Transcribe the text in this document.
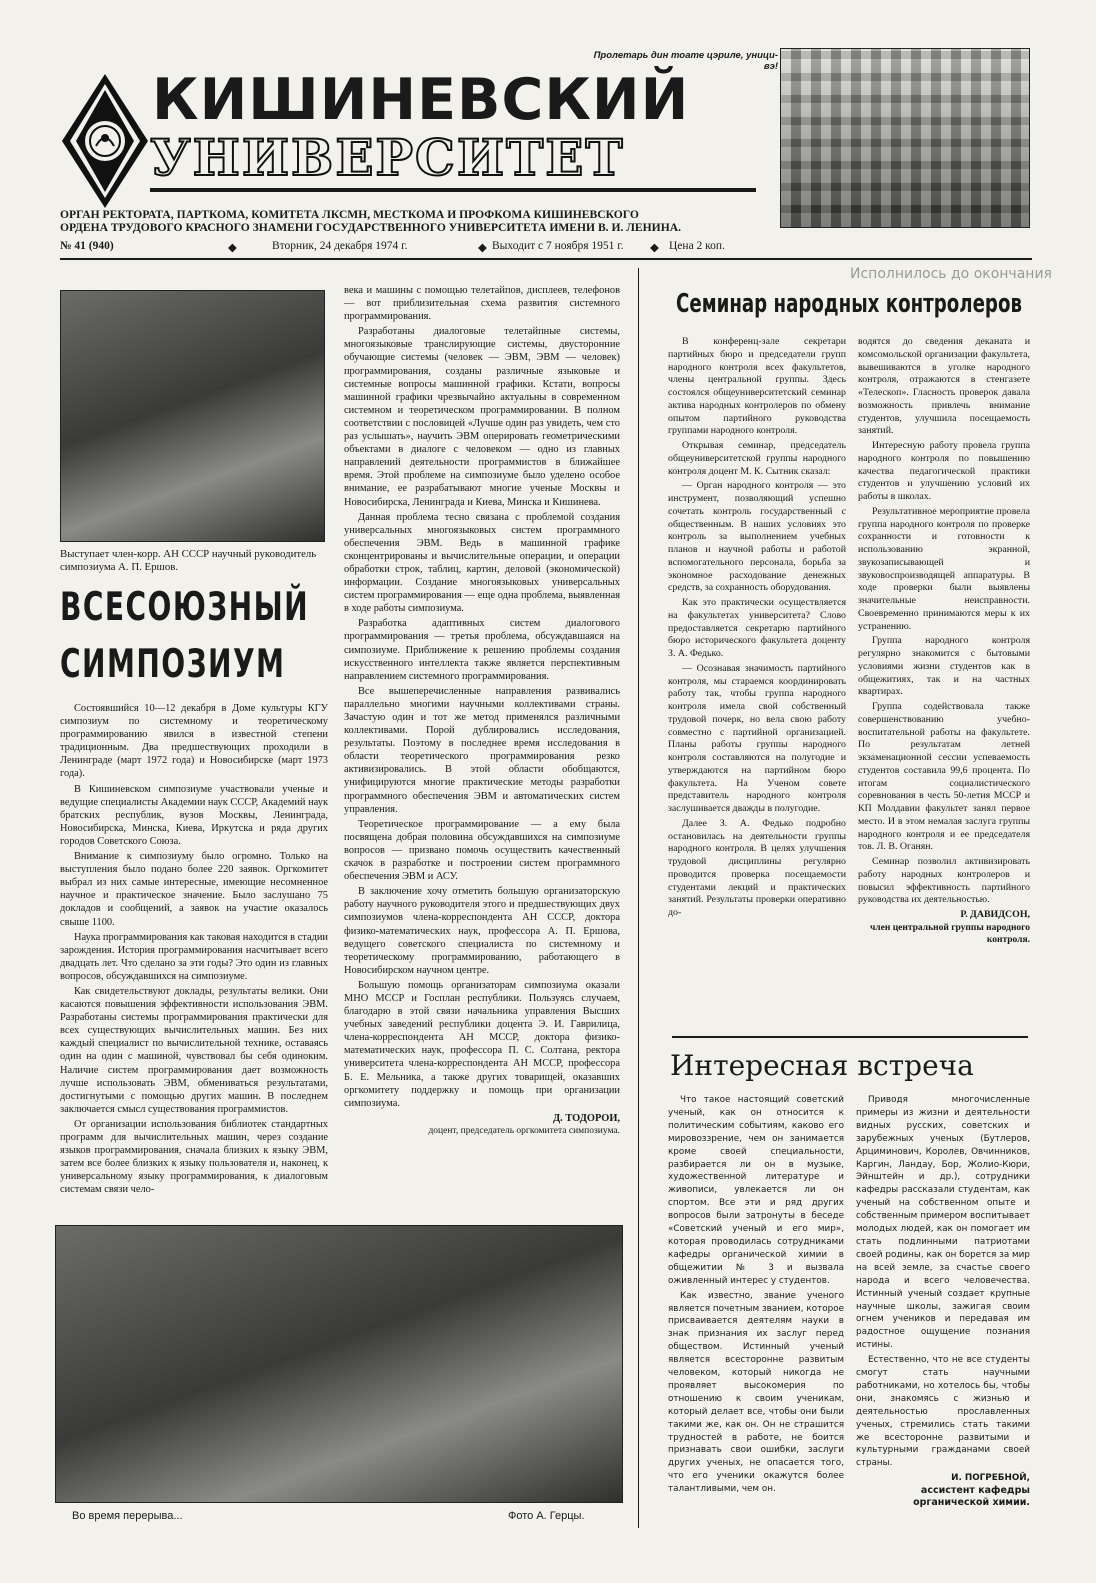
Пролетарь дин тоате цэриле, уници-вэ!
КИШИНЕВСКИЙ
УНИВЕРСИТЕТ
ОРГАН РЕКТОРАТА, ПАРТКОМА, КОМИТЕТА ЛКСМН, МЕСТКОМА И ПРОФКОМА КИШИНЕВСКОГО
ОРДЕНА ТРУДОВОГО КРАСНОГО ЗНАМЕНИ ГОСУДАРСТВЕННОГО УНИВЕРСИТЕТА ИМЕНИ В. И. ЛЕНИНА.
№ 41 (940)	◆	Вторник, 24 декабря 1974 г.	◆ Выходит с 7 ноября 1951 г. ◆ Цена 2 коп.
Выступает член-корр. АН СССР научный руководитель симпозиума А. П. Ершов.
ВСЕСОЮЗНЫЙ
СИМПОЗИУМ

Состоявшийся 10—12 декабря в Доме культуры КГУ симпозиум по системному и теоретическому программированию явился в известной степени традиционным. Два предшествующих проходили в Ленинграде (март 1972 года) и Новосибирске (март 1973 года).

В Кишиневском симпозиуме участвовали ученые и ведущие специалисты Академии наук СССР, Академий наук братских республик, вузов Москвы, Ленинграда, Новосибирска, Минска, Киева, Иркутска и ряда других городов Советского Союза.

Внимание к симпозиуму было огромно. Только на выступления было подано более 220 заявок. Оргкомитет выбрал из них самые интересные, имеющие несомненное научное и практическое значение. Было заслушано 75 докладов и сообщений, а заявок на участие оказалось свыше 1100.

Наука программирования как таковая находится в стадии зарождения. История программирования насчитывает всего двадцать лет. Что сделано за эти годы? Это один из главных вопросов, обсуждавшихся на симпозиуме.

Как свидетельствуют доклады, результаты велики. Они касаются повышения эффективности использования ЭВМ. Разработаны системы программирования практически для всех существующих вычислительных машин. Без них каждый специалист по вычислительной технике, оставаясь один на один с машиной, чувствовал бы себя одиноким. Наличие систем программирования дает возможность лучше использовать ЭВМ, обмениваться результатами, достигнутыми с помощью других машин. В последнем заключается смысл существования программистов.

От организации использования библиотек стандартных программ для вычислительных машин, через создание языков программирования, сначала близких к языку ЭВМ, затем все более близких к языку пользователя и, наконец, к универсальному языку программирования, к диалоговым системам связи чело-

века и машины с помощью телетайпов, дисплеев, телефонов — вот приблизительная схема развития системного программирования.

Разработаны диалоговые телетайпные системы, многоязыковые транслирующие системы, двусторонние обучающие системы (человек — ЭВМ, ЭВМ — человек) программирования, созданы различные языковые и системные вопросы машинной графики. Кстати, вопросы машинной графики чрезвычайно актуальны в современном системном и теоретическом программировании. В полном соответствии с пословицей «Лучше один раз увидеть, чем сто раз услышать», научить ЭВМ оперировать геометрическими объектами в диалоге с человеком — одно из главных направлений деятельности программистов в ближайшее время. Этой проблеме на симпозиуме было уделено особое внимание, ее разрабатывают многие ученые Москвы и Новосибирска, Ленинграда и Киева, Минска и Кишинева.

Данная проблема тесно связана с проблемой создания универсальных многоязыковых систем программного обеспечения ЭВМ. Ведь в машинной графике сконцентрированы и вычислительные операции, и операции обработки строк, таблиц, картин, деловой (экономической) информации. Создание многоязыковых универсальных систем программирования — еще одна проблема, выявленная в ходе работы симпозиума.

Разработка адаптивных систем диалогового программирования — третья проблема, обсуждавшаяся на симпозиуме. Приближение к решению проблемы создания искусственного интеллекта также является перспективным направлением системного программирования.

Все вышеперечисленные направления развивались параллельно многими научными коллективами страны. Зачастую один и тот же метод применялся различными коллективами. Порой дублировались исследования, результаты. Поэтому в последнее время исследования в области теоретического программирования резко активизировались. В этой области обобщаются, унифицируются многие практические методы разработки программного обеспечения ЭВМ и автоматических систем управления.

Теоретическое программирование — а ему была посвящена добрая половина обсуждавшихся на симпозиуме вопросов — призвано помочь осуществить качественный скачок в разработке и построении систем программного обеспечения ЭВМ и АСУ.

В заключение хочу отметить большую организаторскую работу научного руководителя этого и предшествующих двух симпозиумов члена-корреспондента АН СССР, доктора физико-математических наук, профессора А. П. Ершова, ведущего советского специалиста по системному и теоретическому программированию, работающего в Новосибирском научном центре.

Большую помощь организаторам симпозиума оказали МНО МССР и Госплан республики. Пользуясь случаем, благодарю в этой связи начальника управления Высших учебных заведений республики доцента Э. И. Гаврилица, члена-корреспондента АН МССР, доктора физико-математических наук, профессора П. С. Солтана, ректора университета члена-корреспондента АН МССР, профессора Б. Е. Мельника, а также других товарищей, оказавших оргкомитету поддержку и помощь при организации симпозиума.

Д. ТОДОРОИ,
доцент, председатель оргкомитета симпозиума.
Во время перерыва...	Фото А. Герцы.
Исполнилось до окончания
Семинар народных контролеров

В конференц-зале секретари партийных бюро и председатели групп народного контроля всех факультетов, члены центральной группы. Здесь состоялся общеуниверситетский семинар актива народных контролеров по обмену опытом партийного руководства группами народного контроля.

Открывая семинар, председатель общеуниверситетской группы народного контроля доцент М. К. Сытник сказал:

— Орган народного контроля — это инструмент, позволяющий успешно сочетать контроль государственный с общественным. В наших условиях это контроль за выполнением учебных планов и научной работы и работой вспомогательного персонала, борьба за экономное расходование денежных средств, за сохранность оборудования.

Как это практически осуществляется на факультетах университета? Слово предоставляется секретарю партийного бюро исторического факультета доценту З. А. Федько.

— Осознавая значимость партийного контроля, мы стараемся координировать работу так, чтобы группа народного контроля имела свой собственный трудовой почерк, но вела свою работу совместно с партийной организацией. Планы работы группы народного контроля составляются на полугодие и утверждаются на партийном бюро факультета. На Ученом совете представитель народного контроля заслушивается дважды в полугодие.

Далее З. А. Федько подробно остановилась на деятельности группы народного контроля. В целях улучшения трудовой дисциплины регулярно проводится проверка посещаемости студентами лекций и практических занятий. Результаты проверки оперативно до-

водятся до сведения деканата и комсомольской организации факультета, вывешиваются в уголке народного контроля, отражаются в стенгазете «Телескоп». Гласность проверок давала возможность привлечь внимание студентов, улучшила посещаемость занятий.

Интересную работу провела группа народного контроля по повышению качества педагогической практики студентов и улучшению условий их работы в школах.

Результативное мероприятие провела группа народного контроля по проверке сохранности и готовности к использованию экранной, звукозаписывающей и звуковоспроизводящей аппаратуры. В ходе проверки были выявлены значительные неисправности. Своевременно принимаются меры к их устранению.

Группа народного контроля регулярно знакомится с бытовыми условиями жизни студентов как в общежитиях, так и на частных квартирах.

Группа содействовала также совершенствованию учебно-воспитательной работы на факультете. По результатам летней экзаменационной сессии успеваемость студентов составила 99,6 процента. По итогам социалистического соревнования в честь 50-летия МССР и КП Молдавии факультет занял первое место. И в этом немалая заслуга группы народного контроля и ее председателя тов. Л. В. Оганян.

Семинар позволил активизировать работу народных контролеров и повысил эффективность партийного руководства их деятельностью.

Р. ДАВИДСОН,
член центральной группы народного контроля.
Интересная встреча

Что такое настоящий советский ученый, как он относится к политическим событиям, каково его мировоззрение, чем он занимается кроме своей специальности, разбирается ли он в музыке, художественной литературе и живописи, увлекается ли он спортом. Все эти и ряд других вопросов были затронуты в беседе «Советский ученый и его мир», которая проводилась сотрудниками кафедры органической химии в общежитии № 3 и вызвала оживленный интерес у студентов.

Как известно, звание ученого является почетным званием, которое присваивается деятелям науки в знак признания их заслуг перед обществом. Истинный ученый является всесторонне развитым человеком, который никогда не проявляет высокомерия по отношению к своим ученикам, который делает все, чтобы они были такими же, как он. Он не страшится трудностей в работе, не боится признавать свои ошибки, заслуги других ученых, не опасается того, что его ученики окажутся более талантливыми, чем он.

Приводя многочисленные примеры из жизни и деятельности видных русских, советских и зарубежных ученых (Бутлеров, Арциминович, Королев, Овчинников, Каргин, Ландау, Бор, Жолио-Кюри, Эйнштейн и др.), сотрудники кафедры рассказали студентам, как ученый на собственном опыте и собственным примером воспитывает молодых людей, как он помогает им стать подлинными патриотами своей родины, как он борется за мир на всей земле, за счастье своего народа и всего человечества. Истинный ученый создает крупные научные школы, зажигая своим огнем учеников и передавая им радостное ощущение познания истины.

Естественно, что не все студенты смогут стать научными работниками, но хотелось бы, чтобы они, знакомясь с жизнью и деятельностью прославленных ученых, стремились стать такими же всесторонне развитыми и культурными гражданами своей страны.

И. ПОГРЕБНОЙ,
ассистент кафедры органической химии.
